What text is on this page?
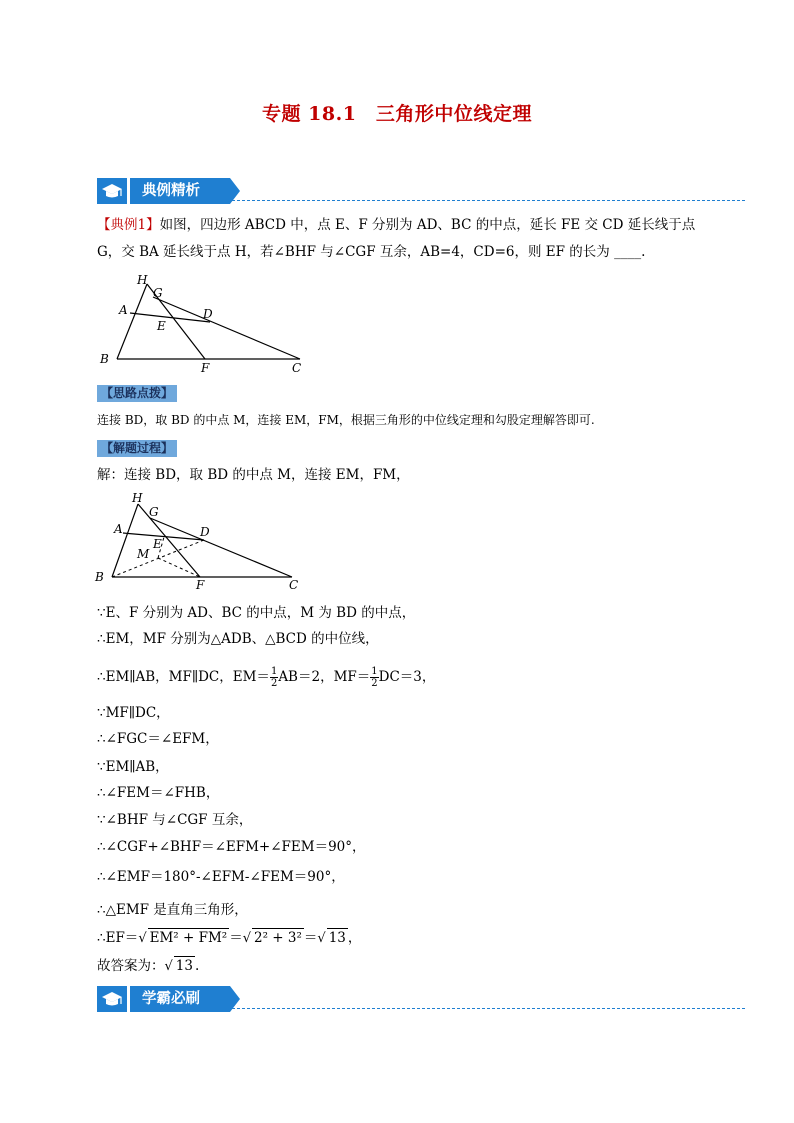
专题 18.1　三角形中位线定理
典例精析
【典例1】如图，四边形 ABCD 中，点 E、F 分别为 AD、BC 的中点，延长 FE 交 CD 延长线于点
G，交 BA 延长线于点 H，若∠BHF 与∠CGF 互余，AB=4，CD=6，则 EF 的长为 ____.
H
G
A	D
E
B
F	C
【思路点拨】
连接 BD，取 BD 的中点 M，连接 EM，FM，根据三角形的中位线定理和勾股定理解答即可.
【解题过程】
解：连接 BD，取 BD 的中点 M，连接 EM，FM，
H
G
A	D
E
M
B
F	C
∵E、F 分别为 AD、BC 的中点，M 为 BD 的中点，
∴EM，MF 分别为△ADB、△BCD 的中位线，
∴EM∥AB，MF∥DC，$EM= \frac{1}{2} AB=2$，$MF= \frac{1}{2} DC=3$，
∵MF∥DC，
∴∠FGC＝∠EFM，
∵EM∥AB，
∴∠FEM＝∠FHB，
∵∠BHF 与∠CGF 互余，
∴∠CGF+∠BHF＝∠EFM+∠FEM＝90°，
∴∠EMF＝180°-∠EFM-∠FEM＝90°，
∴△EMF 是直角三角形，
∴EF＝√ EM² + FM² ＝√ 2² + 3² ＝√ 13 ，
故答案为：√ 13 .
学霸必刷
